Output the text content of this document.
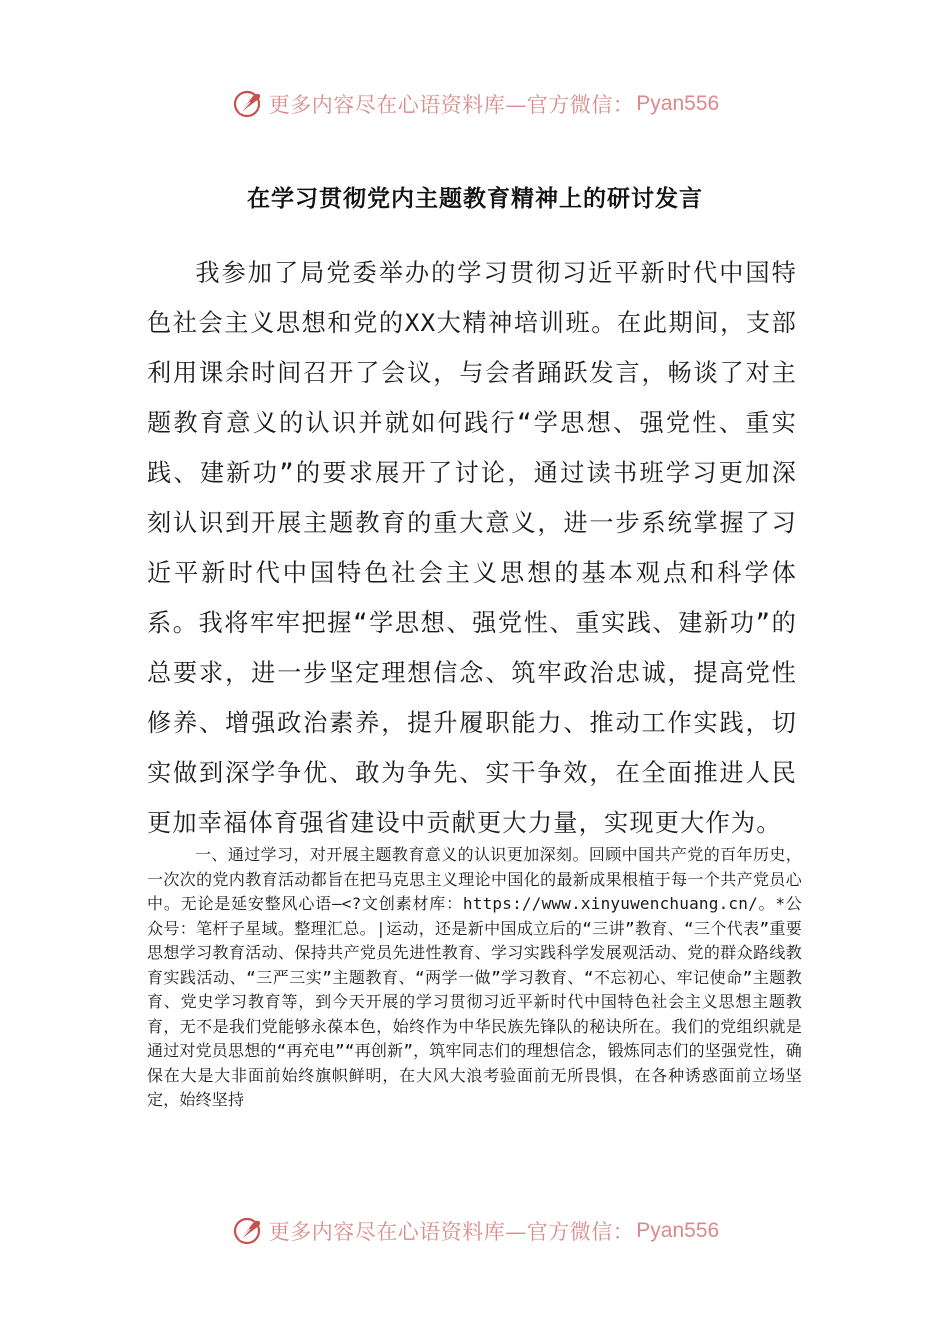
更多内容尽在心语资料库—官方微信： Pyan556
在学习贯彻党内主题教育精神上的研讨发言

我参加了局党委举办的学习贯彻习近平新时代中国特色社会主义思想和党的XX大精神培训班。在此期间，支部利用课余时间召开了会议，与会者踊跃发言，畅谈了对主题教育意义的认识并就如何践行“学思想、强党性、重实践、建新功”的要求展开了讨论，通过读书班学习更加深刻认识到开展主题教育的重大意义，进一步系统掌握了习近平新时代中国特色社会主义思想的基本观点和科学体系。我将牢牢把握“学思想、强党性、重实践、建新功”的总要求，进一步坚定理想信念、筑牢政治忠诚，提高党性修养、增强政治素养，提升履职能力、推动工作实践，切实做到深学争优、敢为争先、实干争效，在全面推进人民更加幸福体育强省建设中贡献更大力量，实现更大作为。

一、通过学习，对开展主题教育意义的认识更加深刻。回顾中国共产党的百年历史，一次次的党内教育活动都旨在把马克思主义理论中国化的最新成果根植于每一个共产党员心中。无论是延安整风心语—<?文创素材库：https://www.xinyuwenchuang.cn/。*公众号：笔杆子星域。整理汇总。|运动，还是新中国成立后的“三讲”教育、“三个代表”重要思想学习教育活动、保持共产党员先进性教育、学习实践科学发展观活动、党的群众路线教育实践活动、“三严三实”主题教育、“两学一做”学习教育、“不忘初心、牢记使命”主题教育、党史学习教育等，到今天开展的学习贯彻习近平新时代中国特色社会主义思想主题教育，无不是我们党能够永葆本色，始终作为中华民族先锋队的秘诀所在。我们的党组织就是通过对党员思想的“再充电”“再创新”，筑牢同志们的理想信念，锻炼同志们的坚强党性，确保在大是大非面前始终旗帜鲜明，在大风大浪考验面前无所畏惧，在各种诱惑面前立场坚定，始终坚持

更多内容尽在心语资料库—官方微信： Pyan556
